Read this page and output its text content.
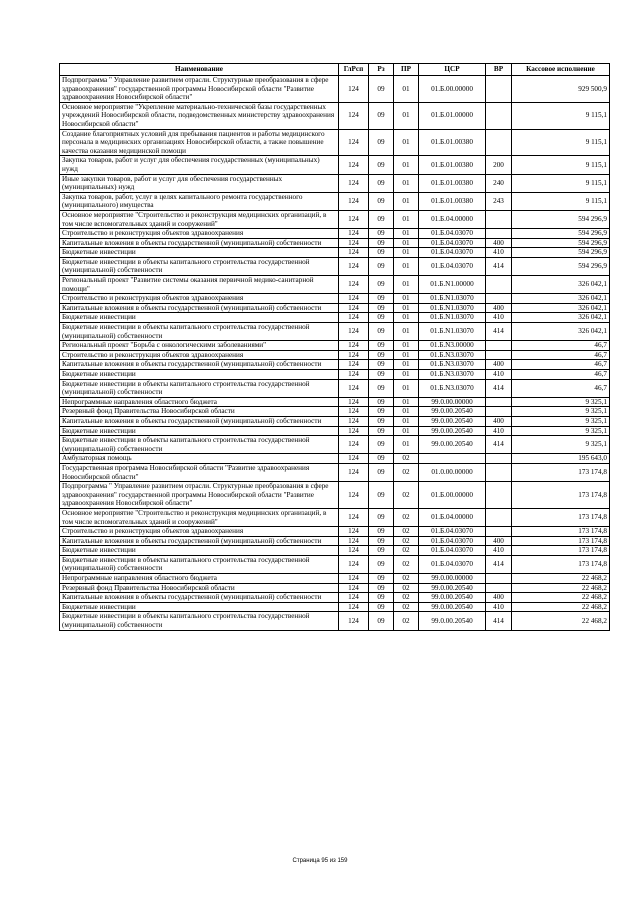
Наименование	ГлРсп	Рз	ПР	ЦСР	ВР	Кассовое исполнение
Подпрограмма " Управление развитием отрасли. Структурные преобразования в сфере здравоохранения" государственной программы Новосибирской области "Развитие здравоохранения Новосибирской области"	124	09	01	01.Б.00.00000		929 500,9
Основное мероприятие "Укрепление материально-технической базы государственных учреждений Новосибирской области, подведомственных министерству здравоохранения Новосибирской области"	124	09	01	01.Б.01.00000		9 115,1
Создание благоприятных условий для пребывания пациентов и работы медицинского персонала в медицинских организациях Новосибирской области, а также повышение качества оказания медицинской помощи	124	09	01	01.Б.01.00380		9 115,1
Закупка товаров, работ и услуг для обеспечения государственных (муниципальных) нужд	124	09	01	01.Б.01.00380	200	9 115,1
Иные закупки товаров, работ и услуг для обеспечения государственных (муниципальных) нужд	124	09	01	01.Б.01.00380	240	9 115,1
Закупка товаров, работ, услуг в целях капитального ремонта государственного (муниципального) имущества	124	09	01	01.Б.01.00380	243	9 115,1
Основное мероприятие "Строительство и реконструкция медицинских организаций, в том числе вспомогательных зданий и сооружений"	124	09	01	01.Б.04.00000		594 296,9
Строительство и реконструкция объектов здравоохранения	124	09	01	01.Б.04.03070		594 296,9
Капитальные вложения в объекты государственной (муниципальной) собственности	124	09	01	01.Б.04.03070	400	594 296,9
Бюджетные инвестиции	124	09	01	01.Б.04.03070	410	594 296,9
Бюджетные инвестиции в объекты капитального строительства государственной (муниципальной) собственности	124	09	01	01.Б.04.03070	414	594 296,9
Региональный проект "Развитие системы оказания первичной медико-санитарной помощи"	124	09	01	01.Б.N1.00000		326 042,1
Строительство и реконструкция объектов здравоохранения	124	09	01	01.Б.N1.03070		326 042,1
Капитальные вложения в объекты государственной (муниципальной) собственности	124	09	01	01.Б.N1.03070	400	326 042,1
Бюджетные инвестиции	124	09	01	01.Б.N1.03070	410	326 042,1
Бюджетные инвестиции в объекты капитального строительства государственной (муниципальной) собственности	124	09	01	01.Б.N1.03070	414	326 042,1
Региональный проект "Борьба с онкологическими заболеваниями"	124	09	01	01.Б.N3.00000		46,7
Строительство и реконструкция объектов здравоохранения	124	09	01	01.Б.N3.03070		46,7
Капитальные вложения в объекты государственной (муниципальной) собственности	124	09	01	01.Б.N3.03070	400	46,7
Бюджетные инвестиции	124	09	01	01.Б.N3.03070	410	46,7
Бюджетные инвестиции в объекты капитального строительства государственной (муниципальной) собственности	124	09	01	01.Б.N3.03070	414	46,7
Непрограммные направления областного бюджета	124	09	01	99.0.00.00000		9 325,1
Резервный фонд Правительства Новосибирской области	124	09	01	99.0.00.20540		9 325,1
Капитальные вложения в объекты государственной (муниципальной) собственности	124	09	01	99.0.00.20540	400	9 325,1
Бюджетные инвестиции	124	09	01	99.0.00.20540	410	9 325,1
Бюджетные инвестиции в объекты капитального строительства государственной (муниципальной) собственности	124	09	01	99.0.00.20540	414	9 325,1
Амбулаторная помощь	124	09	02			195 643,0
Государственная программа Новосибирской области "Развитие здравоохранения Новосибирской области"	124	09	02	01.0.00.00000		173 174,8
Подпрограмма " Управление развитием отрасли. Структурные преобразования в сфере здравоохранения" государственной программы Новосибирской области "Развитие здравоохранения Новосибирской области"	124	09	02	01.Б.00.00000		173 174,8
Основное мероприятие "Строительство и реконструкция медицинских организаций, в том числе вспомогательных зданий и сооружений"	124	09	02	01.Б.04.00000		173 174,8
Строительство и реконструкция объектов здравоохранения	124	09	02	01.Б.04.03070		173 174,8
Капитальные вложения в объекты государственной (муниципальной) собственности	124	09	02	01.Б.04.03070	400	173 174,8
Бюджетные инвестиции	124	09	02	01.Б.04.03070	410	173 174,8
Бюджетные инвестиции в объекты капитального строительства государственной (муниципальной) собственности	124	09	02	01.Б.04.03070	414	173 174,8
Непрограммные направления областного бюджета	124	09	02	99.0.00.00000		22 468,2
Резервный фонд Правительства Новосибирской области	124	09	02	99.0.00.20540		22 468,2
Капитальные вложения в объекты государственной (муниципальной) собственности	124	09	02	99.0.00.20540	400	22 468,2
Бюджетные инвестиции	124	09	02	99.0.00.20540	410	22 468,2
Бюджетные инвестиции в объекты капитального строительства государственной (муниципальной) собственности	124	09	02	99.0.00.20540	414	22 468,2
Страница 95 из 159
